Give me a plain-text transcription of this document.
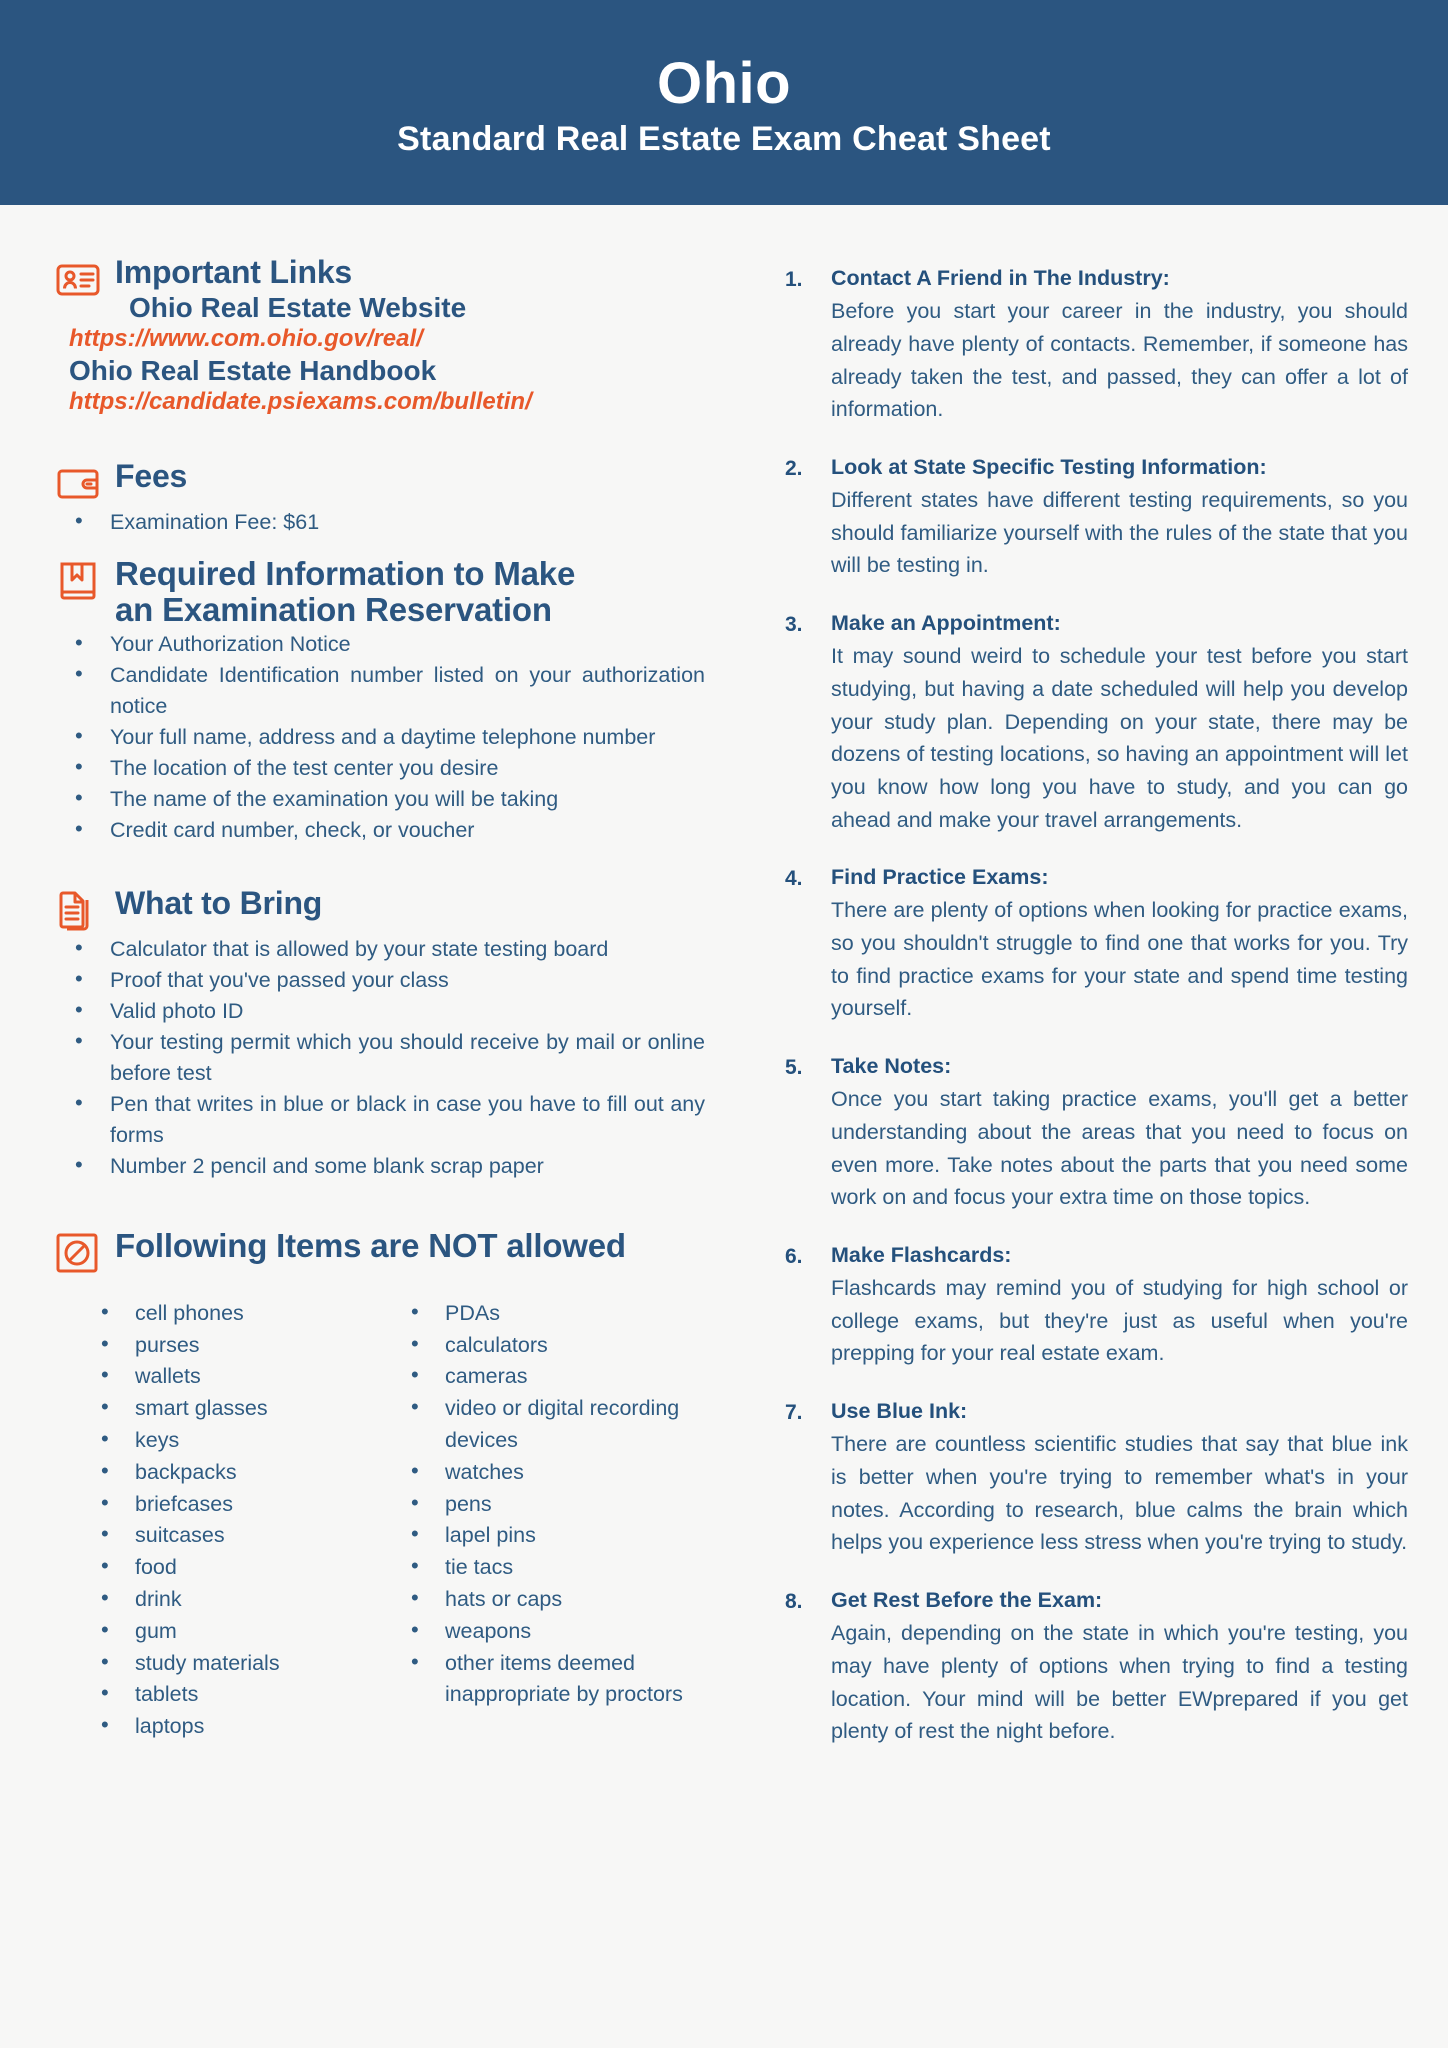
Ohio
Standard Real Estate Exam Cheat Sheet
Important Links
Ohio Real Estate Website
https://www.com.ohio.gov/real/
Ohio Real Estate Handbook
https://candidate.psiexams.com/bulletin/
Fees
• Examination Fee: $61
Required Information to Make
an Examination Reservation
• Your Authorization Notice
• Candidate Identification number listed on your authorization notice
• Your full name, address and a daytime telephone number
• The location of the test center you desire
• The name of the examination you will be taking
• Credit card number, check, or voucher
What to Bring
• Calculator that is allowed by your state testing board
• Proof that you've passed your class
• Valid photo ID
• Your testing permit which you should receive by mail or online before test
• Pen that writes in blue or black in case you have to fill out any forms
• Number 2 pencil and some blank scrap paper
Following Items are NOT allowed
• cell phones
• purses
• wallets
• smart glasses
• keys
• backpacks
• briefcases
• suitcases
• food
• drink
• gum
• study materials
• tablets
• laptops
• PDAs
• calculators
• cameras
• video or digital recording devices
• watches
• pens
• lapel pins
• tie tacs
• hats or caps
• weapons
• other items deemed inappropriate by proctors
1.	Contact A Friend in The Industry:
Before you start your career in the industry, you should already have plenty of contacts. Remember, if someone has already taken the test, and passed, they can offer a lot of information.
2.	Look at State Specific Testing Information:
Different states have different testing requirements, so you should familiarize yourself with the rules of the state that you will be testing in.
3.	Make an Appointment:
It may sound weird to schedule your test before you start studying, but having a date scheduled will help you develop your study plan. Depending on your state, there may be dozens of testing locations, so having an appointment will let you know how long you have to study, and you can go ahead and make your travel arrangements.
4.	Find Practice Exams:
There are plenty of options when looking for practice exams, so you shouldn't struggle to find one that works for you. Try to find practice exams for your state and spend time testing yourself.
5.	Take Notes:
Once you start taking practice exams, you'll get a better understanding about the areas that you need to focus on even more. Take notes about the parts that you need some work on and focus your extra time on those topics.
6.	Make Flashcards:
Flashcards may remind you of studying for high school or college exams, but they're just as useful when you're prepping for your real estate exam.
7.	Use Blue Ink:
There are countless scientific studies that say that blue ink is better when you're trying to remember what's in your notes. According to research, blue calms the brain which helps you experience less stress when you're trying to study.
8.	Get Rest Before the Exam:
Again, depending on the state in which you're testing, you may have plenty of options when trying to find a testing location. Your mind will be better EWprepared if you get plenty of rest the night before.
